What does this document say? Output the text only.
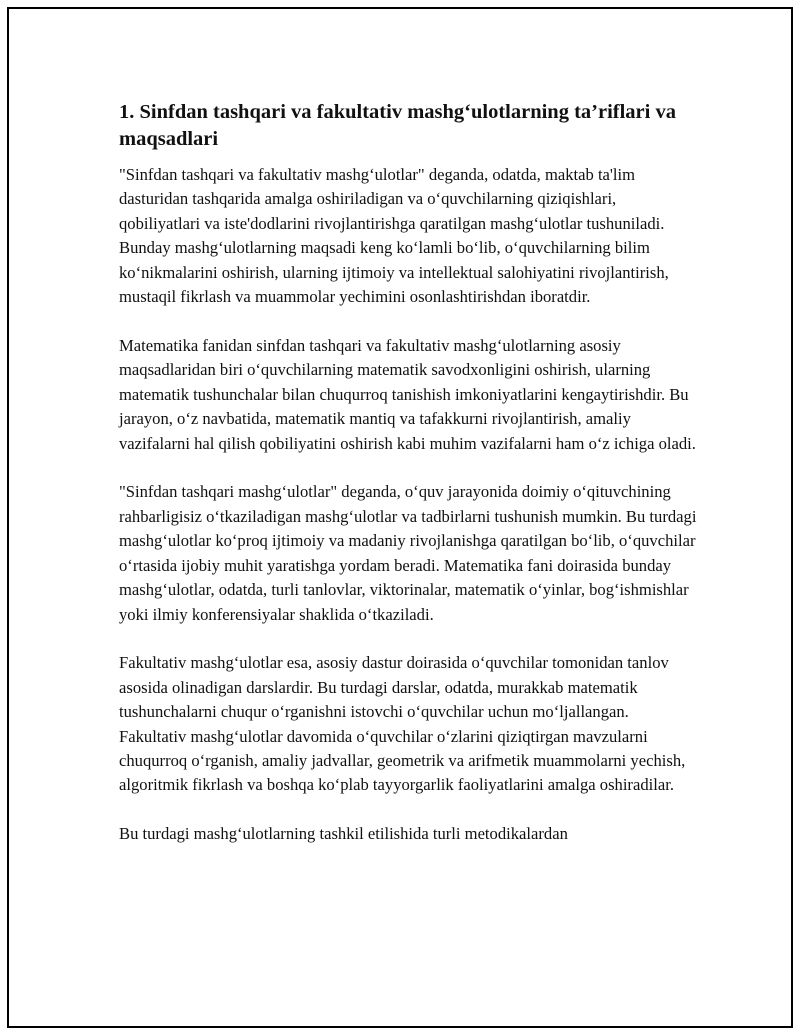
1. Sinfdan tashqari va fakultativ mashg‘ulotlarning ta’riflari va maqsadlari

"Sinfdan tashqari va fakultativ mashg‘ulotlar" deganda, odatda, maktab ta'lim dasturidan tashqarida amalga oshiriladigan va o‘quvchilarning qiziqishlari, qobiliyatlari va iste'dodlarini rivojlantirishga qaratilgan mashg‘ulotlar tushuniladi. Bunday mashg‘ulotlarning maqsadi keng ko‘lamli bo‘lib, o‘quvchilarning bilim ko‘nikmalarini oshirish, ularning ijtimoiy va intellektual salohiyatini rivojlantirish, mustaqil fikrlash va muammolar yechimini osonlashtirishdan iboratdir.

Matematika fanidan sinfdan tashqari va fakultativ mashg‘ulotlarning asosiy maqsadlaridan biri o‘quvchilarning matematik savodxonligini oshirish, ularning matematik tushunchalar bilan chuqurroq tanishish imkoniyatlarini kengaytirishdir. Bu jarayon, o‘z navbatida, matematik mantiq va tafakkurni rivojlantirish, amaliy vazifalarni hal qilish qobiliyatini oshirish kabi muhim vazifalarni ham o‘z ichiga oladi.

"Sinfdan tashqari mashg‘ulotlar" deganda, o‘quv jarayonida doimiy o‘qituvchining rahbarligisiz o‘tkaziladigan mashg‘ulotlar va tadbirlarni tushunish mumkin. Bu turdagi mashg‘ulotlar ko‘proq ijtimoiy va madaniy rivojlanishga qaratilgan bo‘lib, o‘quvchilar o‘rtasida ijobiy muhit yaratishga yordam beradi. Matematika fani doirasida bunday mashg‘ulotlar, odatda, turli tanlovlar, viktorinalar, matematik o‘yinlar, bog‘ishmishlar yoki ilmiy konferensiyalar shaklida o‘tkaziladi.

Fakultativ mashg‘ulotlar esa, asosiy dastur doirasida o‘quvchilar tomonidan tanlov asosida olinadigan darslardir. Bu turdagi darslar, odatda, murakkab matematik tushunchalarni chuqur o‘rganishni istovchi o‘quvchilar uchun mo‘ljallangan. Fakultativ mashg‘ulotlar davomida o‘quvchilar o‘zlarini qiziqtirgan mavzularni chuqurroq o‘rganish, amaliy jadvallar, geometrik va arifmetik muammolarni yechish, algoritmik fikrlash va boshqa ko‘plab tayyorgarlik faoliyatlarini amalga oshiradilar.

Bu turdagi mashg‘ulotlarning tashkil etilishida turli metodikalardan
